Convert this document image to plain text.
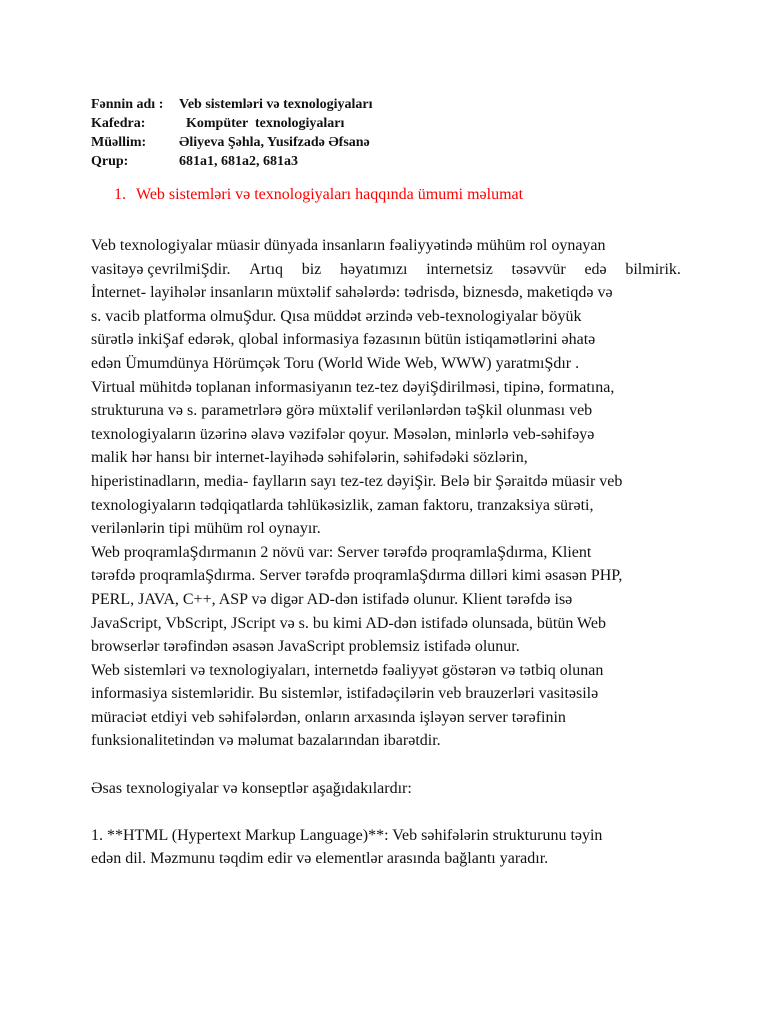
Fənnin adı :	Veb sistemləri və texnologiyaları
Kafedra:	Kompüter  texnologiyaları
Müəllim:	Əliyeva Şəhla, Yusifzadə Əfsanə
Qrup:	681a1, 681a2, 681a3
1. Web sistemləri və texnologiyaları haqqında ümumi məlumat
Veb texnologiyalar müasir dünyada insanların fəaliyyətində mühüm rol oynayan
vasitəyə çevrilmiŞdir. Artıq biz həyatımızı internetsiz təsəvvür edə bilmirik.
İnternet- layihələr insanların müxtəlif sahələrdə: tədrisdə, biznesdə, maketiqdə və
s. vacib platforma olmuŞdur. Qısa müddət ərzində veb-texnologiyalar böyük
sürətlə inkiŞaf edərək, qlobal informasiya fəzasının bütün istiqamətlərini əhatə
edən Ümumdünya Hörümçək Toru (World Wide Web, WWW) yaratmıŞdır .
Virtual mühitdə toplanan informasiyanın tez-tez dəyiŞdirilməsi, tipinə, formatına,
strukturuna və s. parametrlərə görə müxtəlif verilənlərdən təŞkil olunması veb
texnologiyaların üzərinə əlavə vəzifələr qoyur. Məsələn, minlərlə veb-səhifəyə
malik hər hansı bir internet-layihədə səhifələrin, səhifədəki sözlərin,
hiperistinadların, media- faylların sayı tez-tez dəyiŞir. Belə bir Şəraitdə müasir veb
texnologiyaların tədqiqatlarda təhlükəsizlik, zaman faktoru, tranzaksiya sürəti,
verilənlərin tipi mühüm rol oynayır.
Web proqramlaŞdırmanın 2 növü var: Server tərəfdə proqramlaŞdırma, Klient
tərəfdə proqramlaŞdırma. Server tərəfdə proqramlaŞdırma dilləri kimi əsasən PHP,
PERL, JAVA, C++, ASP və digər AD-dən istifadə olunur. Klient tərəfdə isə
JavaScript, VbScript, JScript və s. bu kimi AD-dən istifadə olunsada, bütün Web
browserlər tərəfindən əsasən JavaScript problemsiz istifadə olunur.
Web sistemləri və texnologiyaları, internetdə fəaliyyət göstərən və tətbiq olunan
informasiya sistemləridir. Bu sistemlər, istifadəçilərin veb brauzerləri vasitəsilə
müraciət etdiyi veb səhifələrdən, onların arxasında işləyən server tərəfinin
funksionalitetindən və məlumat bazalarından ibarətdir.
Əsas texnologiyalar və konseptlər aşağıdakılardır:
1. **HTML (Hypertext Markup Language)**: Veb səhifələrin strukturunu təyin
edən dil. Məzmunu təqdim edir və elementlər arasında bağlantı yaradır.
